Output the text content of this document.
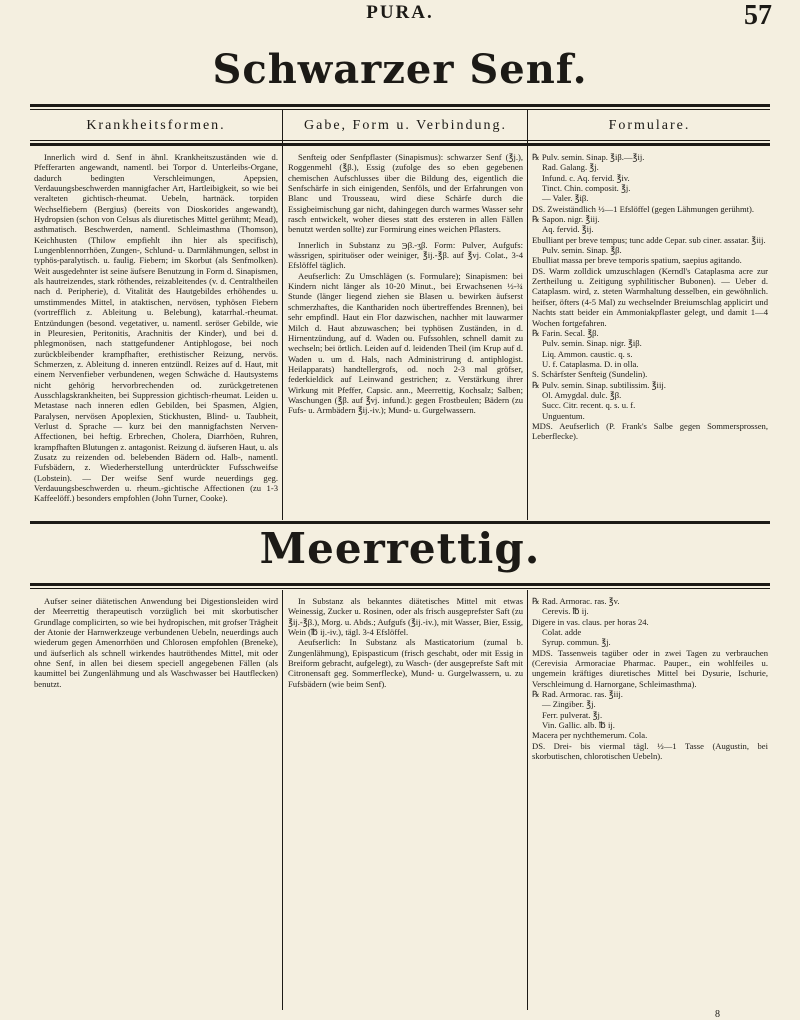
PURA.	57
Schwarzer Senf.
Krankheitsformen.	Gabe, Form u. Verbindung.	Formulare.

Innerlich wird d. Senf in ähnl. Krankheitszuständen wie d. Pfefferarten angewandt, namentl. bei Torpor d. Unterleibs-Organe, dadurch bedingten Verschleimungen, Apepsien, Verdauungsbeschwerden mannigfacher Art, Hartleibigkeit, so wie bei veralteten gichtisch-rheumat. Uebeln, hartnäck. torpiden Wechselfiebern (Bergius) (bereits von Dioskorides angewandt), Hydropsien (schon von Celsus als diuretisches Mittel gerühmt; Mead), asthmatisch. Beschwerden, namentl. Schleimasthma (Thomson), Keichhusten (Thilow empfiehlt ihn hier als specifisch), Lungenblennorrhöen, Zungen-, Schlund- u. Darmlähmungen, selbst in typhös-paralytisch. u. faulig. Fiebern; im Skorbut (als Senfmolken). Weit ausgedehnter ist seine äufsere Benutzung in Form d. Sinapismen, als hautreizendes, stark röthendes, reizableitendes (v. d. Centraltheilen nach d. Peripherie), d. Vitalität des Hautgebildes erhöhendes u. umstimmendes Mittel, in ataktischen, nervösen, typhösen Fiebern (vortrefflich z. Ableitung u. Belebung), katarrhal.-rheumat. Entzündungen (besond. vegetativer, u. namentl. seröser Gebilde, wie in Pleuresien, Peritonitis, Arachnitis der Kinder), und bei d. phlegmonösen, nach stattgefundener Antiphlogose, bei noch zurückbleibender krampfhafter, erethistischer Reizung, nervös. Schmerzen, z. Ableitung d. inneren entzündl. Reizes auf d. Haut, mit einem Nervenfieber verbundenen, wegen Schwäche d. Hautsystems nicht gehörig hervorbrechenden od. zurückgetretenen Ausschlagskrankheiten, bei Suppression gichtisch-rheumat. Leiden u. Metastase nach inneren edlen Gebilden, bei Spasmen, Algien, Paralysen, nervösen Apoplexien, Stickhusten, Blind- u. Taubheit, Verlust d. Sprache — kurz bei den mannigfachsten Nerven-Affectionen, bei heftig. Erbrechen, Cholera, Diarrhöen, Ruhren, krampfhaften Blutungen z. antagonist. Reizung d. äufseren Haut, u. als Zusatz zu reizenden od. belebenden Bädern od. Halb-, namentl. Fufsbädern, z. Wiederherstellung unterdrückter Fufsschweifse (Lobstein). — Der weifse Senf wurde neuerdings geg. Verdauungsbeschwerden u. rheum.-gichtische Affectionen (zu 1-3 Kaffeelöff.) besonders empfohlen (John Turner, Cooke).

Senfteig oder Senfpflaster (Sinapismus): schwarzer Senf (℥j.), Roggenmehl (℥β.), Essig (zufolge des so eben gegebenen chemischen Aufschlusses über die Bildung des, eigentlich die Senfschärfe in sich einigenden, Senföls, und der Erfahrungen von Blanc und Trousseau, wird diese Schärfe durch die Essigbeimischung gar nicht, dahingegen durch warmes Wasser sehr rasch entwickelt, woher dieses statt des ersteren in allen Fällen benutzt werden sollte) zur Formirung eines weichen Pflasters.

Innerlich in Substanz zu ℈β.-ʒβ. Form: Pulver, Aufgufs: wässrigen, spirituöser oder weiniger, ℥ij.-℥β. auf ℥vj. Colat., 3-4 Efslöffel täglich.

Aeufserlich: Zu Umschlägen (s. Formulare); Sinapismen: bei Kindern nicht länger als 10-20 Minut., bei Erwachsenen ½-¾ Stunde (länger liegend ziehen sie Blasen u. bewirken äufserst schmerzhaftes, die Kanthariden noch übertreffendes Brennen), bei sehr empfindl. Haut ein Flor dazwischen, nachher mit lauwarmer Milch d. Haut abzuwaschen; bei typhösen Zuständen, in d. Hirnentzündung, auf d. Waden ou. Fufssohlen, schnell damit zu wechseln; bei örtlich. Leiden auf d. leidenden Theil (im Krup auf d. Waden u. um d. Hals, nach Administrirung d. antiphlogist. Heilapparats) handtellergrofs, od. noch 2-3 mal gröfser, federkieldick auf Leinwand gestrichen; z. Verstärkung ihrer Wirkung mit Pfeffer, Capsic. ann., Meerrettig, Kochsalz; Salben; Waschungen (℥β. auf ℥vj. infund.): gegen Frostbeulen; Bädern (zu Fufs- u. Armbädern ℥ij.-iv.); Mund- u. Gurgelwassern.

℞ Pulv. semin. Sinap. ℥iβ.—℥ij.

Rad. Galang. ℥j.

Infund. c. Aq. fervid. ℥iv.

Tinct. Chin. composit. ℥j.

— Valer. ℥iβ.

DS. Zweiständlich ½—1 Efslöffel (gegen Lähmungen gerühmt).

℞ Sapon. nigr. ℥iij.

Aq. fervid. ℥ij.

Ebulliant per breve tempus; tunc adde Cepar. sub ciner. assatar. ℥iij.

Pulv. semin. Sinap. ℥β.

Ebulliat massa per breve temporis spatium, saepius agitando.

DS. Warm zolldick umzuschlagen (Kerndl's Cataplasma acre zur Zertheilung u. Zeitigung syphilitischer Bubonen). — Ueber d. Cataplasm. wird, z. steten Warmhaltung desselben, ein gewöhnlich. heifser, öfters (4-5 Mal) zu wechselnder Breiumschlag applicirt und Nachts statt beider ein Ammoniakpflaster gelegt, und damit 1—4 Wochen fortgefahren.

℞ Farin. Secal. ℥β.

Pulv. semin. Sinap. nigr. ℥iβ.

Liq. Ammon. caustic. q. s.

U. f. Cataplasma. D. in olla.

S. Schärfster Senfteig (Sundelin).

℞ Pulv. semin. Sinap. subtilissim. ℥iij.

Ol. Amygdal. dulc. ℥β.

Succ. Citr. recent. q. s. u. f.

Unguentum.

MDS. Aeufserlich (P. Frank's Salbe gegen Sommersprossen, Leberflecke).

Meerrettig.

Aufser seiner diätetischen Anwendung bei Digestionsleiden wird der Meerrettig therapeutisch vorzüglich bei mit skorbutischer Grundlage complicirten, so wie bei hydropischen, mit grofser Trägheit der Atonie der Harnwerkzeuge verbundenen Uebeln, neuerdings auch wiederum gegen Amenorrhöen und Chlorosen empfohlen (Breneke), und äufserlich als schnell wirkendes hautröthendes Mittel, mit oder ohne Senf, in allen bei diesem speciell angegebenen Fällen (als kaumittel bei Zungenlähmung und als Waschwasser bei Hautflecken) benutzt.

In Substanz als bekanntes diätetisches Mittel mit etwas Weinessig, Zucker u. Rosinen, oder als frisch ausgeprefster Saft (zu ℥ij.-℥β.), Morg. u. Abds.; Aufgufs (℥ij.-iv.), mit Wasser, Bier, Essig, Wein (℔ ij.-iv.), tägl. 3-4 Efslöffel.

Aeufserlich: In Substanz als Masticatorium (zumal b. Zungenlähmung), Epispasticum (frisch geschabt, oder mit Essig in Breiform gebracht, aufgelegt), zu Wasch- (der ausgeprefste Saft mit Citronensaft geg. Sommerflecke), Mund- u. Gurgelwassern, u. zu Fufsbädern (wie beim Senf).

℞ Rad. Armorac. ras. ℥v.

Cerevis. ℔ ij.

Digere in vas. claus. per horas 24.

Colat. adde

Syrup. commun. ℥j.

MDS. Tassenweis tagüber oder in zwei Tagen zu verbrauchen (Cerevisia Armoraciae Pharmac. Pauper., ein wohlfeiles u. ungemein kräftiges diuretisches Mittel bei Dysurie, Ischurie, Verschleimung d. Harnorgane, Schleimasthma).

℞ Rad. Armorac. ras. ℥iij.

— Zingiber. ℥j.

Ferr. pulverat. ℥j.

Vin. Gallic. alb. ℔ ij.

Macera per nychthemerum. Cola.

DS. Drei- bis viermal tägl. ½—1 Tasse (Augustin, bei skorbutischen, chlorotischen Uebeln).

8
